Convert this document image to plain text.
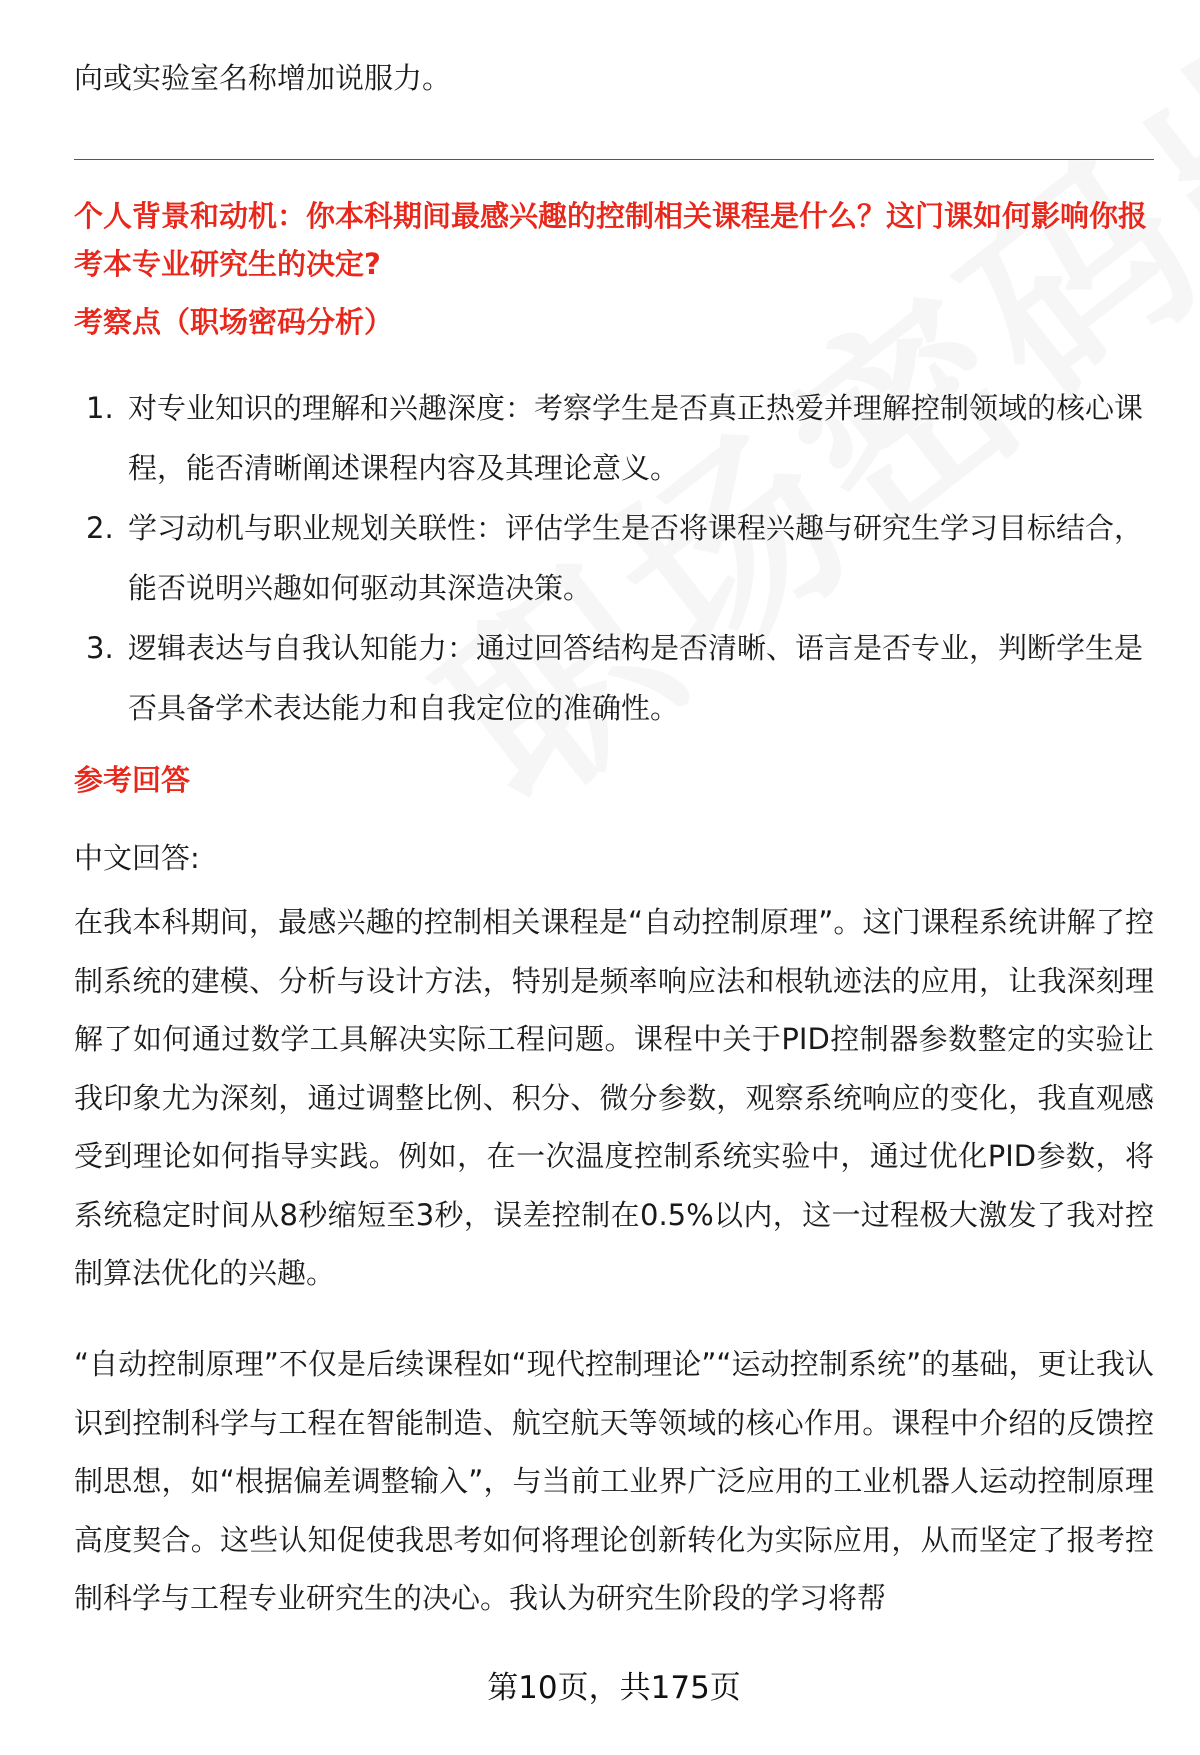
向或实验室名称增加说服力。

个人背景和动机：你本科期间最感兴趣的控制相关课程是什么？这门课如何影响你报考本专业研究生的决定?

考察点（职场密码分析）

1. 对专业知识的理解和兴趣深度：考察学生是否真正热爱并理解控制领域的核心课程，能否清晰阐述课程内容及其理论意义。
2. 学习动机与职业规划关联性：评估学生是否将课程兴趣与研究生学习目标结合，能否说明兴趣如何驱动其深造决策。
3. 逻辑表达与自我认知能力：通过回答结构是否清晰、语言是否专业，判断学生是否具备学术表达能力和自我定位的准确性。

参考回答

中文回答:

在我本科期间，最感兴趣的控制相关课程是“自动控制原理”。这门课程系统讲解了控制系统的建模、分析与设计方法，特别是频率响应法和根轨迹法的应用，让我深刻理解了如何通过数学工具解决实际工程问题。课程中关于PID控制器参数整定的实验让我印象尤为深刻，通过调整比例、积分、微分参数，观察系统响应的变化，我直观感受到理论如何指导实践。例如，在一次温度控制系统实验中，通过优化PID参数，将系统稳定时间从8秒缩短至3秒，误差控制在0.5%以内，这一过程极大激发了我对控制算法优化的兴趣。

“自动控制原理”不仅是后续课程如“现代控制理论”“运动控制系统”的基础，更让我认识到控制科学与工程在智能制造、航空航天等领域的核心作用。课程中介绍的反馈控制思想，如“根据偏差调整输入”，与当前工业界广泛应用的工业机器人运动控制原理高度契合。这些认知促使我思考如何将理论创新转化为实际应用，从而坚定了报考控制科学与工程专业研究生的决心。我认为研究生阶段的学习将帮

第10页，共175页
